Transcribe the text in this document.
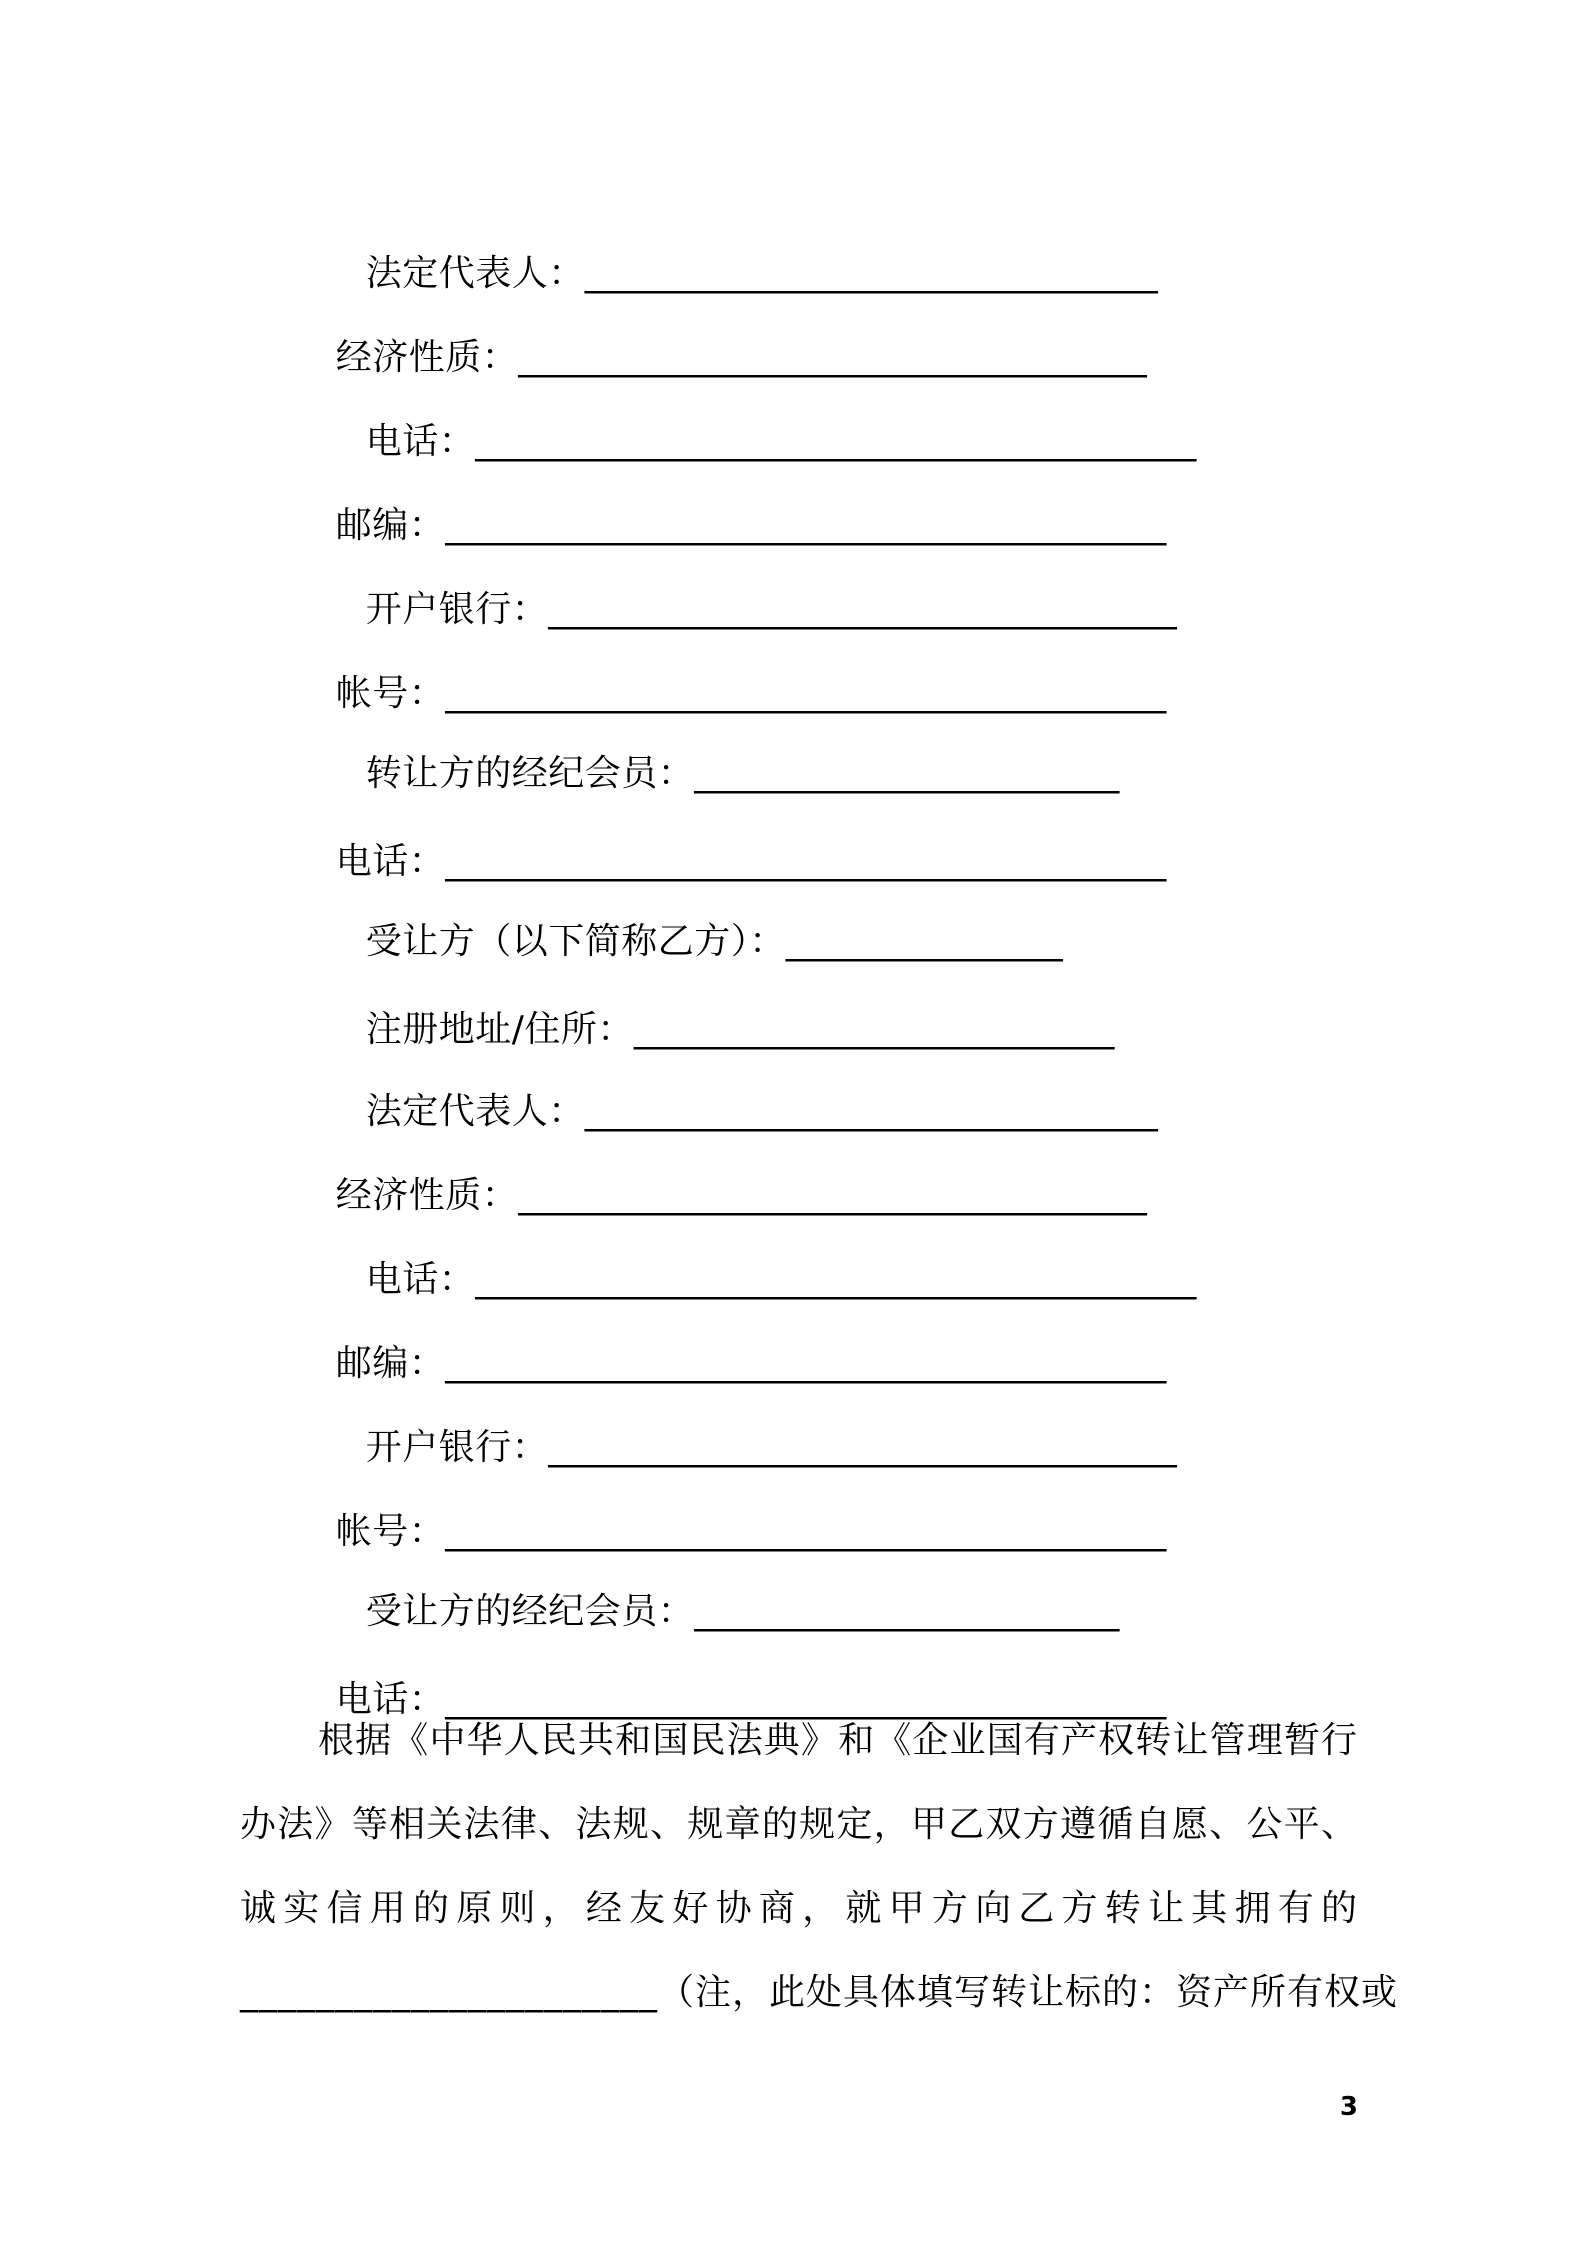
法定代表人：_______________________________

经济性质：__________________________________

电话：_______________________________________

邮编：_______________________________________

开户银行：__________________________________

帐号：_______________________________________

转让方的经纪会员：_______________________

电话：_______________________________________

受让方（以下简称乙方）：_______________

注册地址/住所：__________________________

法定代表人：_______________________________

经济性质：__________________________________

电话：_______________________________________

邮编：_______________________________________

开户银行：__________________________________

帐号：_______________________________________

受让方的经纪会员：_______________________

电话：_______________________________________

根据《中华人民共和国民法典》和《企业国有产权转让管理暂行
办法》等相关法律、法规、规章的规定，甲乙双方遵循自愿、公平、
诚实信用的原则，经友好协商，就甲方向乙方转让其拥有的
______________________（注，此处具体填写转让标的：资产所有权或
3
